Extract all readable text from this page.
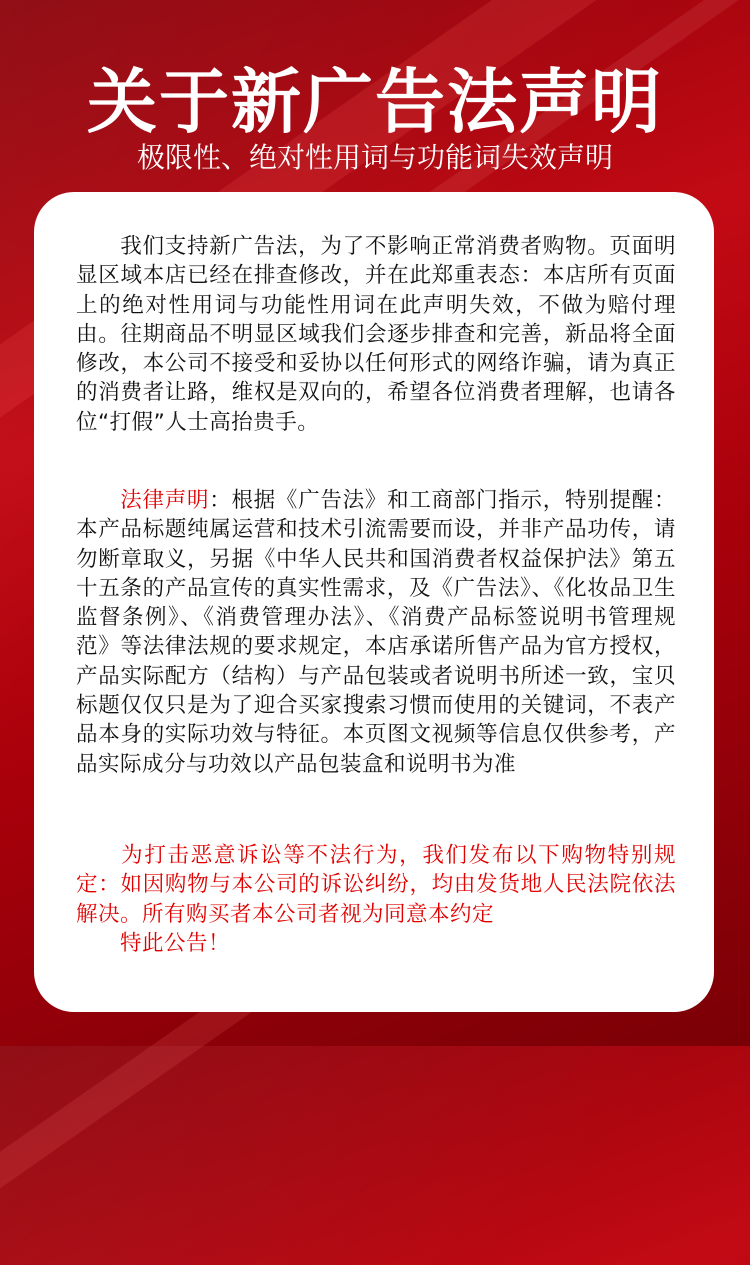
关于新广告法声明
极限性、绝对性用词与功能词失效声明

我们支持新广告法，为了不影响正常消费者购物。页面明显区域本店已经在排查修改，并在此郑重表态：本店所有页面上的绝对性用词与功能性用词在此声明失效，不做为赔付理由。往期商品不明显区域我们会逐步排查和完善，新品将全面修改，本公司不接受和妥协以任何形式的网络诈骗，请为真正的消费者让路，维权是双向的，希望各位消费者理解，也请各位“打假”人士高抬贵手。

法律声明：根据《广告法》和工商部门指示，特别提醒：本产品标题纯属运营和技术引流需要而设，并非产品功传，请勿断章取义，另据《中华人民共和国消费者权益保护法》第五十五条的产品宣传的真实性需求，及《广告法》、《化妆品卫生监督条例》、《消费管理办法》、《消费产品标签说明书管理规范》等法律法规的要求规定，本店承诺所售产品为官方授权，产品实际配方（结构）与产品包装或者说明书所述一致，宝贝标题仅仅只是为了迎合买家搜索习惯而使用的关键词，不表产品本身的实际功效与特征。本页图文视频等信息仅供参考，产品实际成分与功效以产品包装盒和说明书为准

为打击恶意诉讼等不法行为，我们发布以下购物特别规定：如因购物与本公司的诉讼纠纷，均由发货地人民法院依法解决。所有购买者本公司者视为同意本约定
特此公告！
